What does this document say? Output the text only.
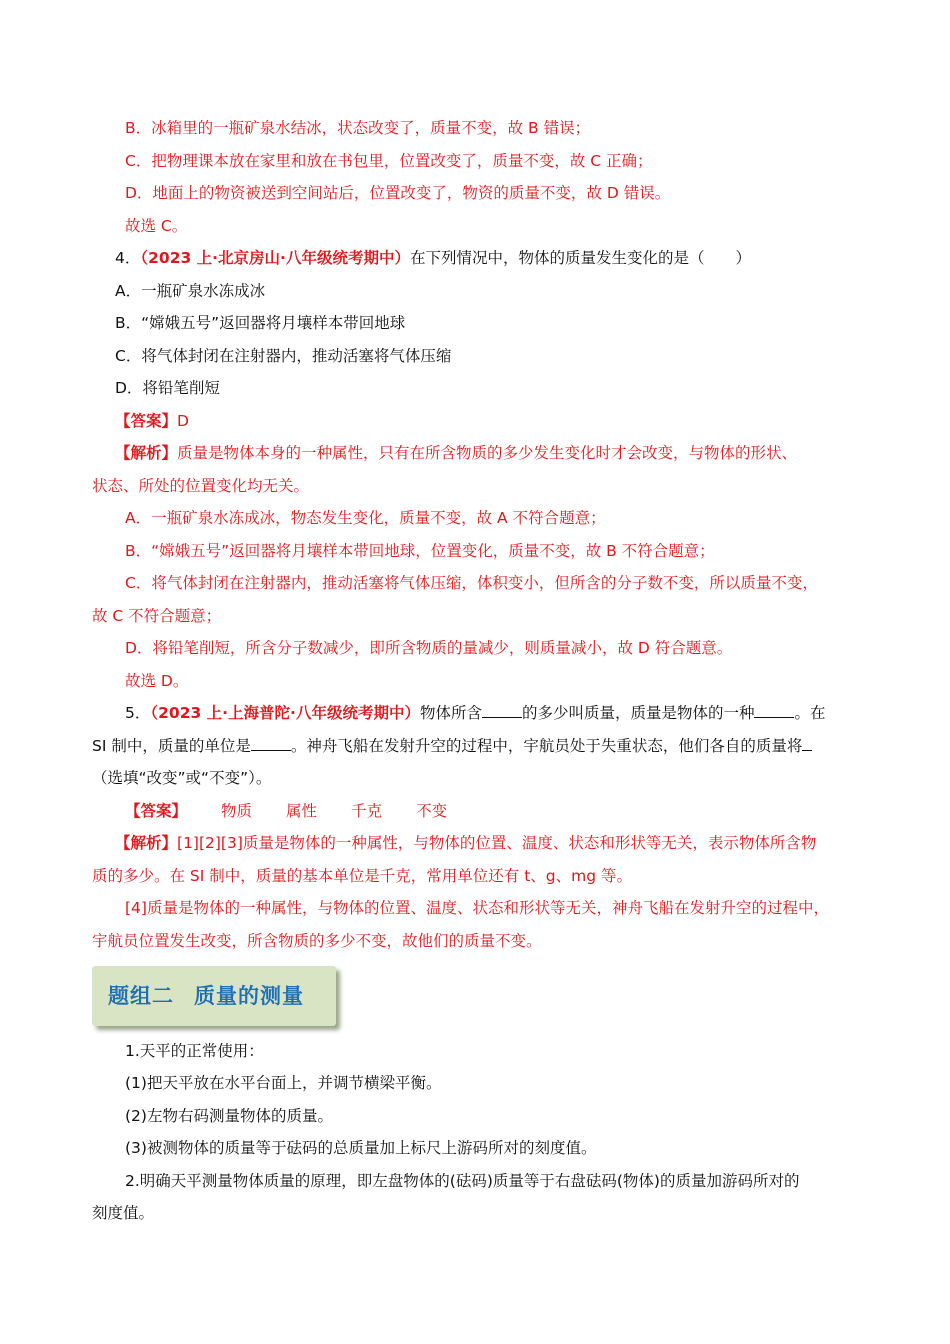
B．冰箱里的一瓶矿泉水结冰，状态改变了，质量不变，故 B 错误；
C．把物理课本放在家里和放在书包里，位置改变了，质量不变，故 C 正确；
D．地面上的物资被送到空间站后，位置改变了，物资的质量不变，故 D 错误。
故选 C。
4．（2023 上·北京房山·八年级统考期中）在下列情况中，物体的质量发生变化的是（　　）
A．一瓶矿泉水冻成冰
B．“嫦娥五号”返回器将月壤样本带回地球
C．将气体封闭在注射器内，推动活塞将气体压缩
D．将铅笔削短
【答案】D
【解析】质量是物体本身的一种属性，只有在所含物质的多少发生变化时才会改变，与物体的形状、
状态、所处的位置变化均无关。
A．一瓶矿泉水冻成冰，物态发生变化，质量不变，故 A 不符合题意；
B．“嫦娥五号”返回器将月壤样本带回地球，位置变化，质量不变，故 B 不符合题意；
C．将气体封闭在注射器内，推动活塞将气体压缩，体积变小，但所含的分子数不变，所以质量不变，
故 C 不符合题意；
D．将铅笔削短，所含分子数减少，即所含物质的量减少，则质量减小，故 D 符合题意。
故选 D。
5．（2023 上·上海普陀·八年级统考期中）物体所含	的多少叫质量，质量是物体的一种	。在
SI 制中，质量的单位是	。神舟飞船在发射升空的过程中，宇航员处于失重状态，他们各自的质量将
（选填“改变”或“不变”）。
【答案】 物质 属性 千克 不变
【解析】[1][2][3]质量是物体的一种属性，与物体的位置、温度、状态和形状等无关，表示物体所含物
质的多少。在 SI 制中，质量的基本单位是千克，常用单位还有 t、g、mg 等。
[4]质量是物体的一种属性，与物体的位置、温度、状态和形状等无关，神舟飞船在发射升空的过程中，
宇航员位置发生改变，所含物质的多少不变，故他们的质量不变。
题组二 质量的测量
1.天平的正常使用：
(1)把天平放在水平台面上，并调节横梁平衡。
(2)左物右码测量物体的质量。
(3)被测物体的质量等于砝码的总质量加上标尺上游码所对的刻度值。
2.明确天平测量物体质量的原理，即左盘物体的(砝码)质量等于右盘砝码(物体)的质量加游码所对的
刻度值。
